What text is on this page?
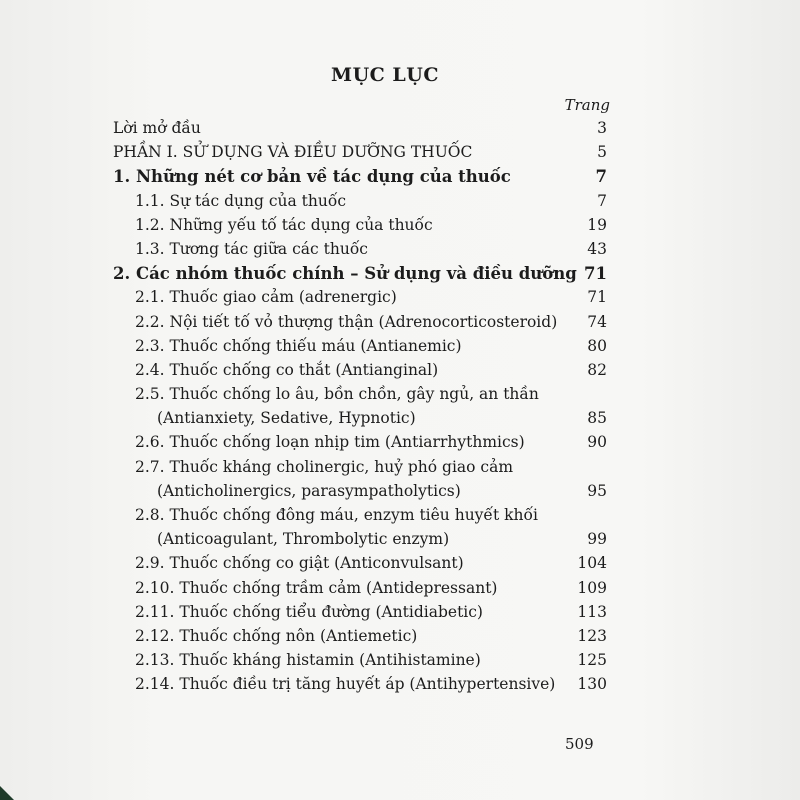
MỤC LỤC
Trang
Lời mở đầu	3
PHẦN I. SỬ DỤNG VÀ ĐIỀU DƯỠNG THUỐC	5
1. Những nét cơ bản về tác dụng của thuốc	7
1.1. Sự tác dụng của thuốc	7
1.2. Những yếu tố tác dụng của thuốc	19
1.3. Tương tác giữa các thuốc	43
2. Các nhóm thuốc chính – Sử dụng và điều dưỡng 71
2.1. Thuốc giao cảm (adrenergic)	71
2.2. Nội tiết tố vỏ thượng thận (Adrenocorticosteroid)	74
2.3. Thuốc chống thiếu máu (Antianemic)	80
2.4. Thuốc chống co thắt (Antianginal)	82
2.5. Thuốc chống lo âu, bồn chồn, gây ngủ, an thần
(Antianxiety, Sedative, Hypnotic)	85
2.6. Thuốc chống loạn nhịp tim (Antiarrhythmics)	90
2.7. Thuốc kháng cholinergic, huỷ phó giao cảm
(Anticholinergics, parasympatholytics)	95
2.8. Thuốc chống đông máu, enzym tiêu huyết khối
(Anticoagulant, Thrombolytic enzym)	99
2.9. Thuốc chống co giật (Anticonvulsant)	104
2.10. Thuốc chống trầm cảm (Antidepressant)	109
2.11. Thuốc chống tiểu đường (Antidiabetic)	113
2.12. Thuốc chống nôn (Antiemetic)	123
2.13. Thuốc kháng histamin (Antihistamine)	125
2.14. Thuốc điều trị tăng huyết áp (Antihypertensive) 130
509
